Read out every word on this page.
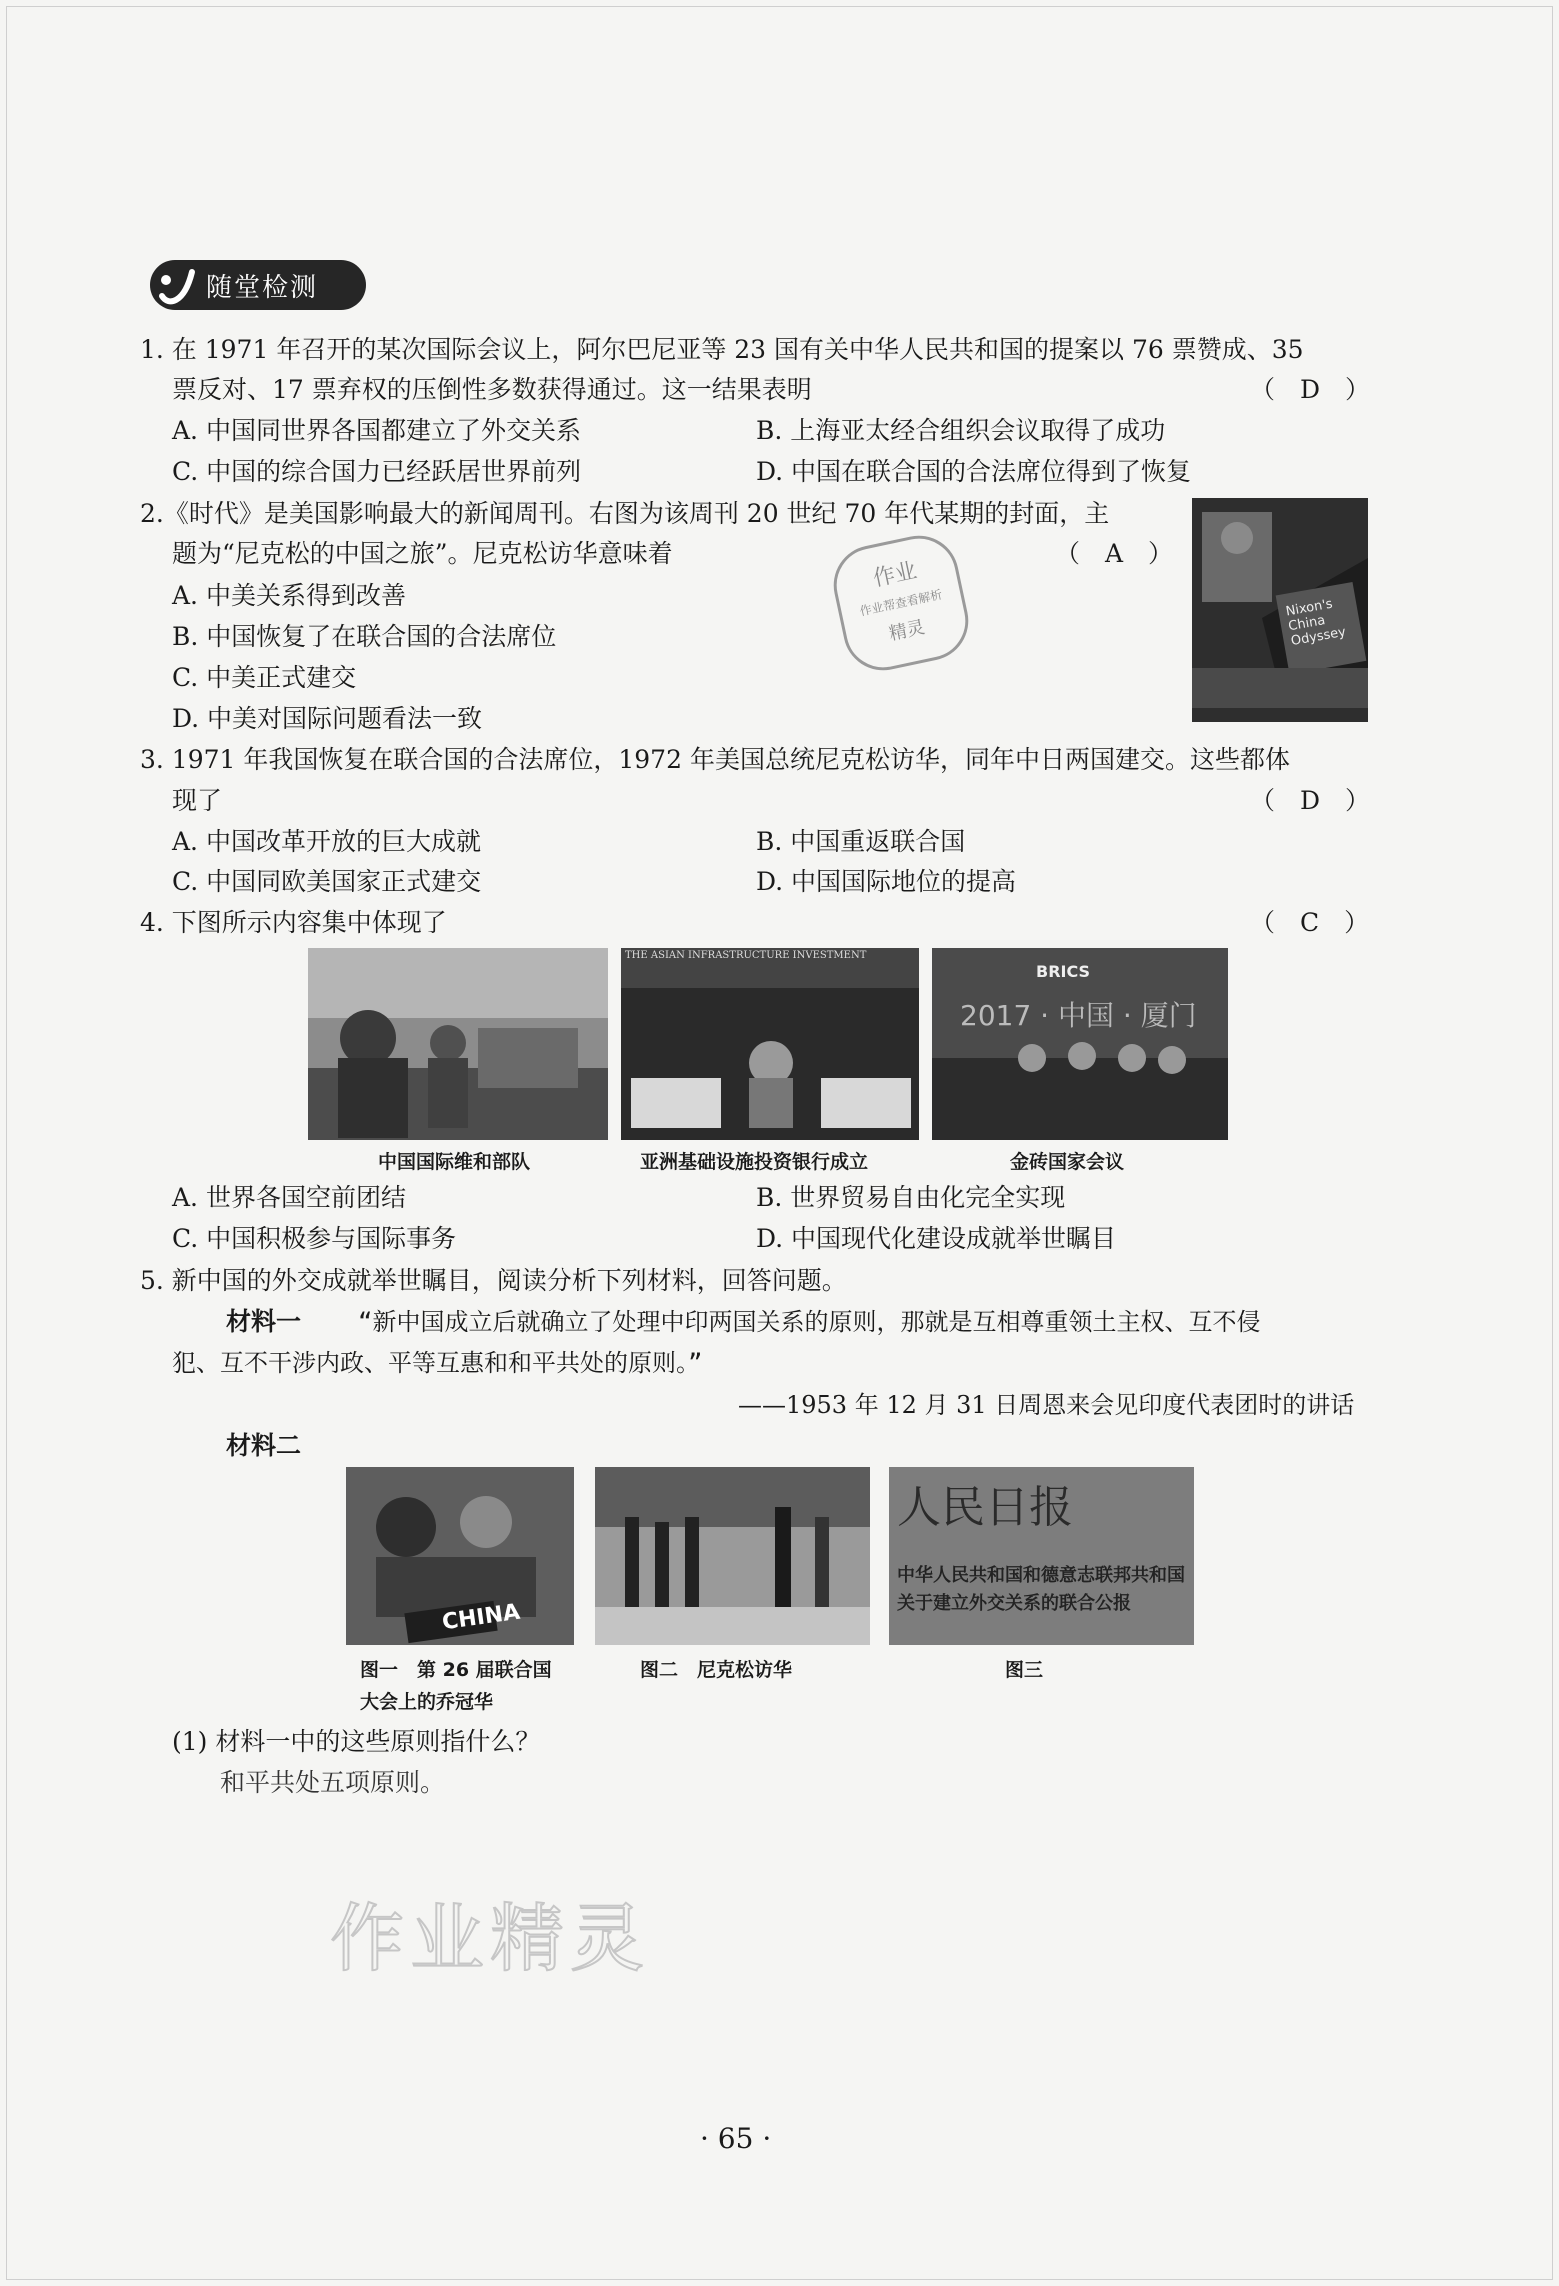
随堂检测
1. 在 1971 年召开的某次国际会议上，阿尔巴尼亚等 23 国有关中华人民共和国的提案以 76 票赞成、35
票反对、17 票弃权的压倒性多数获得通过。这一结果表明	（　D　）
A. 中国同世界各国都建立了外交关系	B. 上海亚太经合组织会议取得了成功
C. 中国的综合国力已经跃居世界前列	D. 中国在联合国的合法席位得到了恢复
2.《时代》是美国影响最大的新闻周刊。右图为该周刊 20 世纪 70 年代某期的封面，主
题为“尼克松的中国之旅”。尼克松访华意味着	（　A　）
A. 中美关系得到改善
B. 中国恢复了在联合国的合法席位
C. 中美正式建交
D. 中美对国际问题看法一致
Nixon's China Odyssey
作业
作业帮查看解析
精灵
3. 1971 年我国恢复在联合国的合法席位，1972 年美国总统尼克松访华，同年中日两国建交。这些都体
现了	（　D　）
A. 中国改革开放的巨大成就	B. 中国重返联合国
C. 中国同欧美国家正式建交	D. 中国国际地位的提高
4. 下图所示内容集中体现了	（　C　）
THE ASIAN INFRASTRUCTURE INVESTMENT
BRICS
2017 · 中国 · 厦门
中国国际维和部队	亚洲基础设施投资银行成立	金砖国家会议
A. 世界各国空前团结	B. 世界贸易自由化完全实现
C. 中国积极参与国际事务	D. 中国现代化建设成就举世瞩目
5. 新中国的外交成就举世瞩目，阅读分析下列材料，回答问题。
材料一 “新中国成立后就确立了处理中印两国关系的原则，那就是互相尊重领土主权、互不侵
犯、互不干涉内政、平等互惠和和平共处的原则。”
——1953 年 12 月 31 日周恩来会见印度代表团时的讲话
材料二
CHINA
人民日报
中华人民共和国和德意志联邦共和国
关于建立外交关系的联合公报
图一　第 26 届联合国
大会上的乔冠华
图二　尼克松访华	图三
(1) 材料一中的这些原则指什么？
和平共处五项原则。
作业精灵
· 65 ·
